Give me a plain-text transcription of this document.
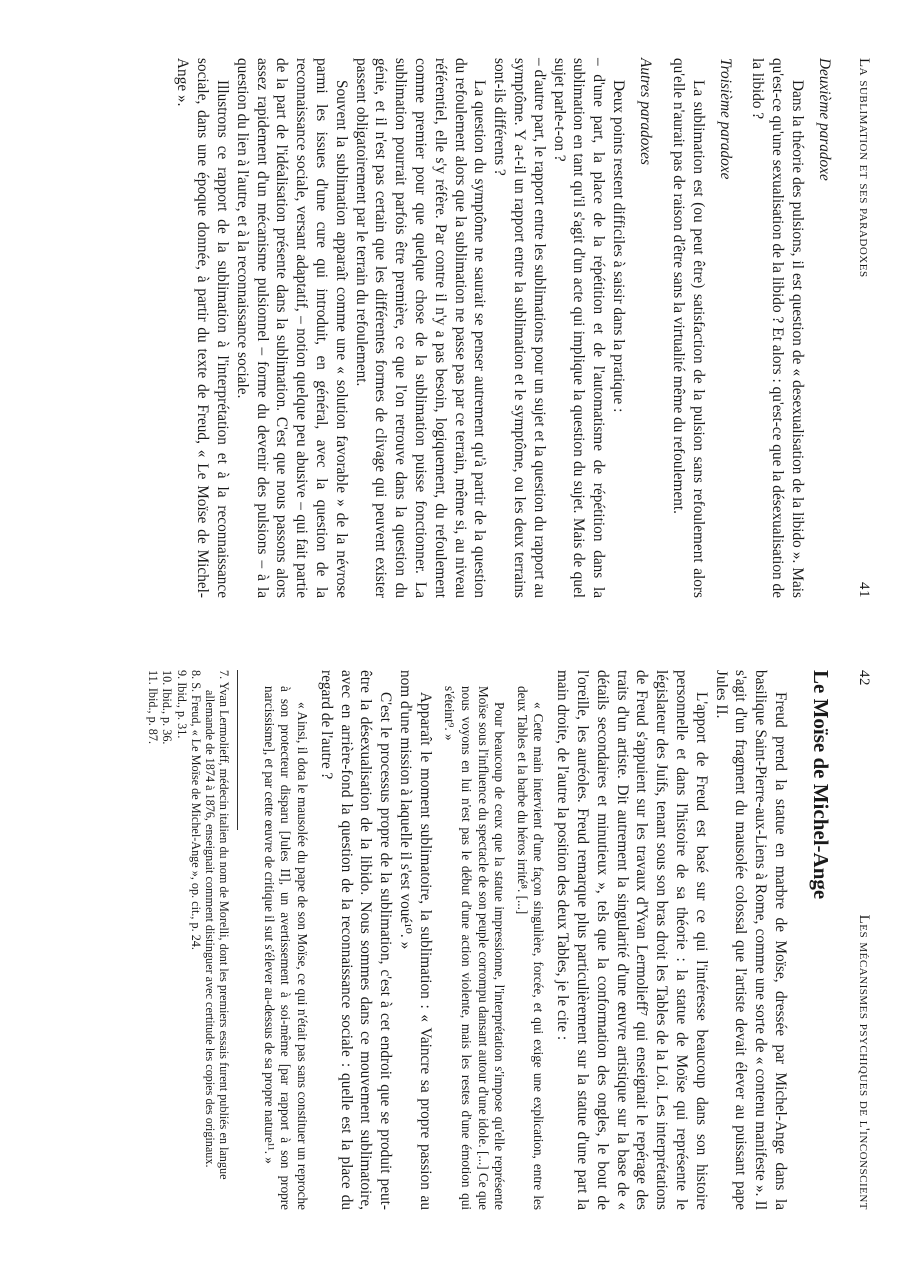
La sublimation et ses paradoxes
41
Deuxième paradoxe

Dans la théorie des pulsions, il est question de « desexualisation de la libido ». Mais qu'est-ce qu'une sexualisation de la libido ? Et alors : qu'est-ce que la désexualisation de la libido ?

Troisième paradoxe

La sublimation est (ou peut être) satisfaction de la pulsion sans refoulement alors qu'elle n'aurait pas de raison d'être sans la virtualité même du refoulement.

Autres paradoxes

Deux points restent difficiles à saisir dans la pratique :

– d'une part, la place de la répétition et de l'automatisme de répétition dans la sublimation en tant qu'il s'agit d'un acte qui implique la question du sujet. Mais de quel sujet parle-t-on ?

– d'autre part, le rapport entre les sublimations pour un sujet et la question du rapport au symptôme. Y a-t-il un rapport entre la sublimation et le symptôme, ou les deux terrains sont-ils différents ?

La question du symptôme ne saurait se penser autrement qu'à partir de la question du refoulement alors que la sublimation ne passe pas par ce terrain, même si, au niveau référentiel, elle s'y réfère. Par contre il n'y a pas besoin, logiquement, du refoulement comme premier pour que quelque chose de la sublimation puisse fonctionner. La sublimation pourrait parfois être première, ce que l'on retrouve dans la question du génie, et il n'est pas certain que les différentes formes de clivage qui peuvent exister passent obligatoirement par le terrain du refoulement.

Souvent la sublimation apparaît comme une « solution favorable » de la névrose parmi les issues d'une cure qui introduit, en général, avec la question de la reconnaissance sociale, versant adaptatif, – notion quelque peu abusive – qui fait partie de la part de l'idéalisation présente dans la sublimation. C'est que nous passons alors assez rapidement d'un mécanisme pulsionnel – forme du devenir des pulsions – à la question du lien à l'autre, et à la reconnaissance sociale.

Illustrons ce rapport de la sublimation à l'interprétation et à la reconnaissance sociale, dans une époque donnée, à partir du texte de Freud, « Le Moïse de Michel-Ange ».

42
Les mécanismes psychiques de l'inconscient
Le Moïse de Michel-Ange

Freud prend la statue en marbre de Moïse, dressée par Michel-Ange dans la basilique Saint-Pierre-aux-Liens à Rome, comme une sorte de « contenu manifeste ». Il s'agit d'un fragment du mausolée colossal que l'artiste devait élever au puissant pape Jules II.

L'apport de Freud est basé sur ce qui l'intéresse beaucoup dans son histoire personnelle et dans l'histoire de sa théorie : la statue de Moïse qui représente le législateur des Juifs, tenant sous son bras droit les Tables de la Loi. Les interprétations de Freud s'appuient sur les travaux d'Yvan Lermolieff⁷ qui enseignait le repérage des traits d'un artiste. Dit autrement la singularité d'une œuvre artistique sur la base de « détails secondaires et minutieux », tels que la conformation des ongles, le bout de l'oreille, les auréoles. Freud remarque plus particulièrement sur la statue d'une part la main droite, de l'autre la position des deux Tables, je le cite :

« Cette main intervient d'une façon singulière, forcée, et qui exige une explication, entre les deux Tables et la barbe du héros irrité⁸. [...]

Pour beaucoup de ceux que la statue impressionne, l'interprétation s'impose qu'elle représente Moïse sous l'influence du spectacle de son peuple corrompu dansant autour d'une idole. [...] Ce que nous voyons en lui n'est pas le début d'une action violente, mais les restes d'une émotion qui s'éteint⁹. »

Apparaît le moment sublimatoire, la sublimation : « Vaincre sa propre passion au nom d'une mission à laquelle il s'est voué¹⁰. »

C'est le processus propre de la sublimation, c'est à cet endroit que se produit peut-être la désexualisation de la libido. Nous sommes dans ce mouvement sublimatoire, avec en arrière-fond la question de la reconnaissance sociale : quelle est la place du regard de l'autre ?

« Ainsi, il dota le mausolée du pape de son Moïse, ce qui n'était pas sans constituer un reproche à son protecteur disparu [Jules II], un avertissement à soi-même [par rapport à son propre narcissisme], et par cette œuvre de critique il sut s'élever au-dessus de sa propre nature¹¹. »

7. Yvan Lermolieff, médecin italien du nom de Morelli, dont les premiers essais furent publiés en langue allemande de 1874 à 1876, enseignait comment distinguer avec certitude les copies des originaux.

8. S. Freud, « Le Moïse de Michel-Ange », op. cit., p. 24.

9. Ibid., p. 31.

10. Ibid., p. 36.

11. Ibid., p. 87.
